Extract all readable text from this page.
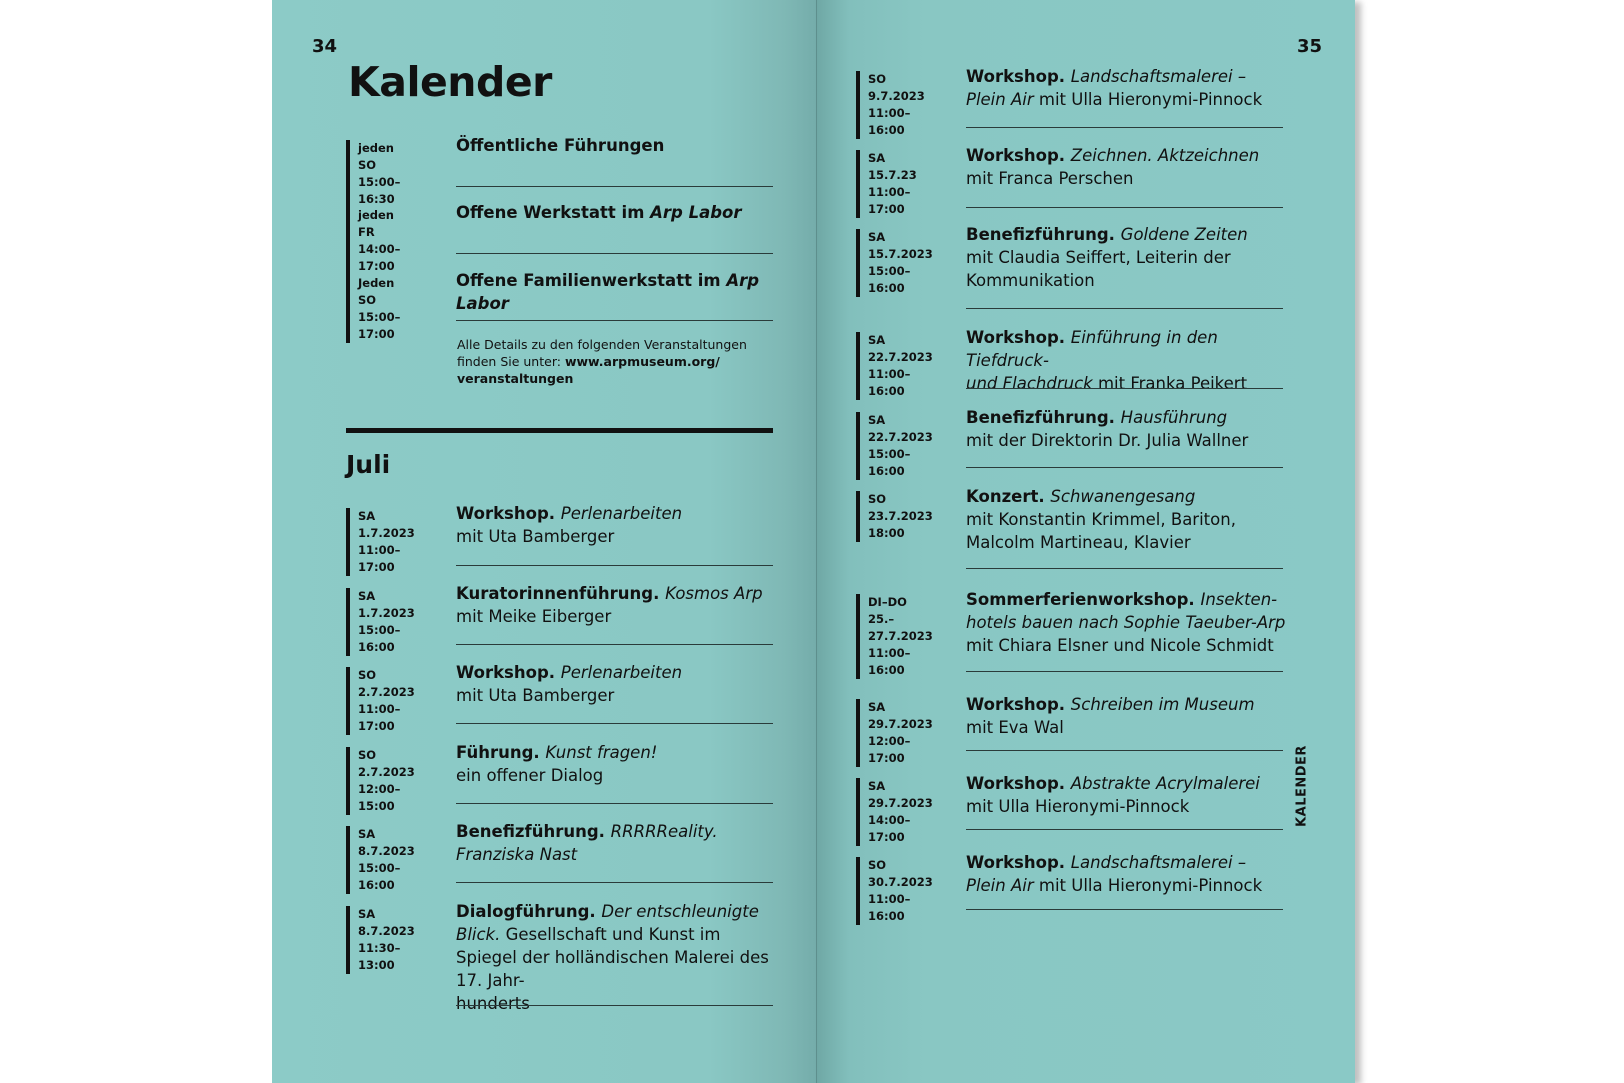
34	35
Kalender
jeden SO
15:00–16:30
Öffentliche Führungen
jeden FR
14:00–17:00
Offene Werkstatt im Arp Labor
Jeden SO
15:00–17:00
Offene Familienwerkstatt im Arp Labor
Alle Details zu den folgenden Veranstaltungen finden Sie unter: www.arpmuseum.org/ veranstaltungen
Juli
SA 1.7.2023
11:00–17:00
Workshop. Perlenarbeiten
mit Uta Bamberger
SA 1.7.2023
15:00–16:00
Kuratorinnenführung. Kosmos Arp
mit Meike Eiberger
SO 2.7.2023
11:00–17:00
Workshop. Perlenarbeiten
mit Uta Bamberger
SO 2.7.2023
12:00–15:00
Führung. Kunst fragen!
ein offener Dialog
SA 8.7.2023
15:00–16:00
Benefizführung. RRRRReality.
Franziska Nast
SA 8.7.2023
11:30–13:00
Dialogführung. Der entschleunigte Blick. Gesellschaft und Kunst im Spiegel der holländischen Malerei des 17. Jahr-
hunderts
SO 9.7.2023
11:00–16:00
Workshop. Landschaftsmalerei –
Plein Air mit Ulla Hieronymi-Pinnock
SA 15.7.23
11:00–17:00
Workshop. Zeichnen. Aktzeichnen
mit Franca Perschen
SA 15.7.2023
15:00–16:00
Benefizführung. Goldene Zeiten
mit Claudia Seiffert, Leiterin der
Kommunikation
SA 22.7.2023
11:00–16:00
Workshop. Einführung in den Tiefdruck-
und Flachdruck mit Franka Peikert
SA 22.7.2023
15:00–16:00
Benefizführung. Hausführung
mit der Direktorin Dr. Julia Wallner
SO 23.7.2023
18:00
Konzert. Schwanengesang
mit Konstantin Krimmel, Bariton,
Malcolm Martineau, Klavier
DI–DO
25.–27.7.2023
11:00–16:00
Sommerferienworkshop. Insekten-
hotels bauen nach Sophie Taeuber-Arp
mit Chiara Elsner und Nicole Schmidt
SA 29.7.2023
12:00–17:00
Workshop. Schreiben im Museum
mit Eva Wal
SA 29.7.2023
14:00–17:00
Workshop. Abstrakte Acrylmalerei
mit Ulla Hieronymi-Pinnock
SO 30.7.2023
11:00–16:00
Workshop. Landschaftsmalerei –
Plein Air mit Ulla Hieronymi-Pinnock
KALENDER
